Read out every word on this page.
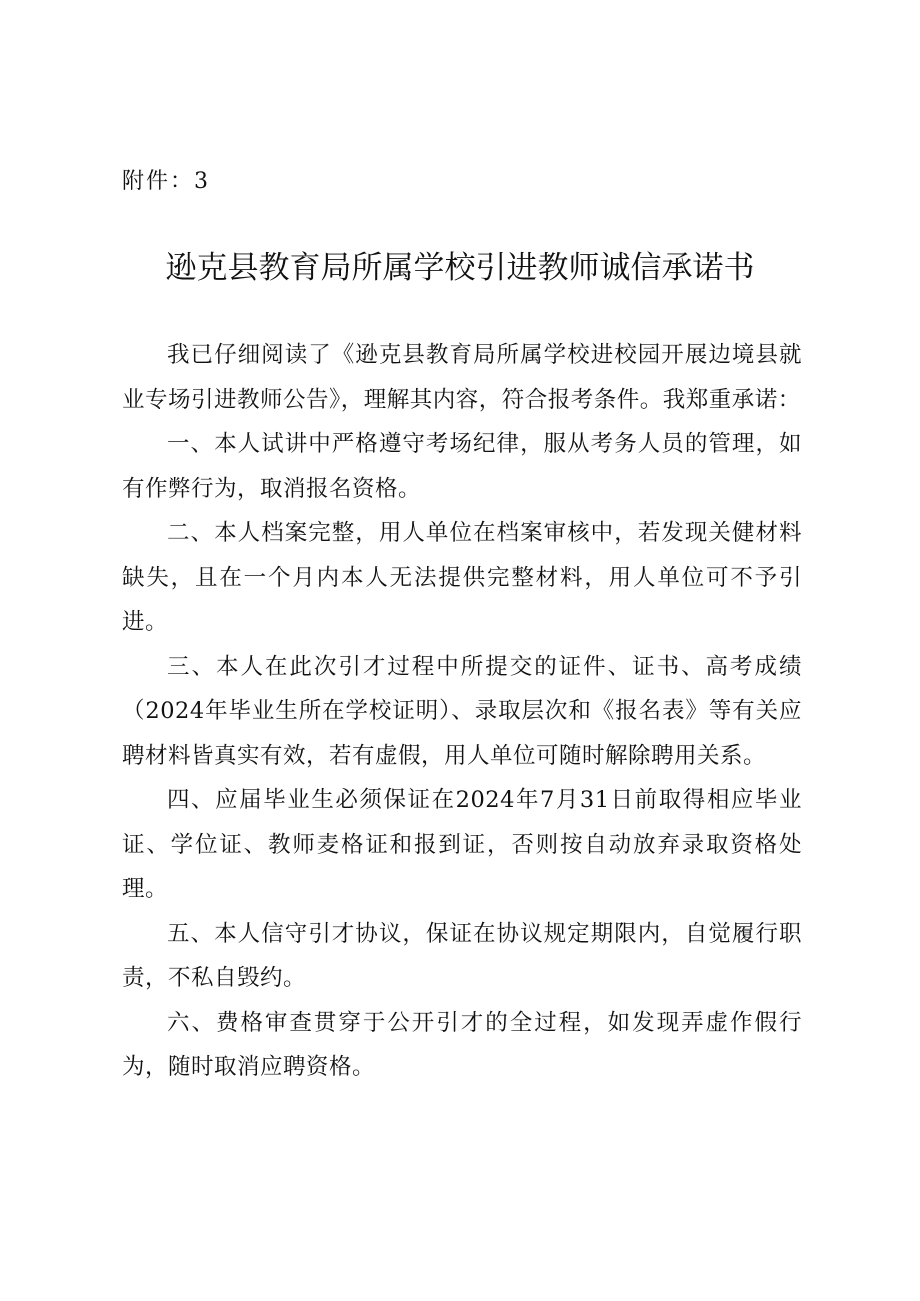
附件：3
逊克县教育局所属学校引进教师诚信承诺书

我已仔细阅读了《逊克县教育局所属学校进校园开展边境县就业专场引进教师公告》，理解其内容，符合报考条件。我郑重承诺：

一、本人试讲中严格遵守考场纪律，服从考务人员的管理，如有作弊行为，取消报名资格。

二、本人档案完整，用人单位在档案审核中，若发现关健材料缺失，且在一个月内本人无法提供完整材料，用人单位可不予引进。

三、本人在此次引才过程中所提交的证件、证书、高考成绩（2024年毕业生所在学校证明）、录取层次和《报名表》等有关应聘材料皆真实有效，若有虚假，用人单位可随时解除聘用关系。

四、应届毕业生必须保证在2024年7月31日前取得相应毕业证、学位证、教师麦格证和报到证，否则按自动放弃录取资格处理。

五、本人信守引才协议，保证在协议规定期限内，自觉履行职责，不私自毁约。

六、费格审查贯穿于公开引才的全过程，如发现弄虚作假行为，随时取消应聘资格。
